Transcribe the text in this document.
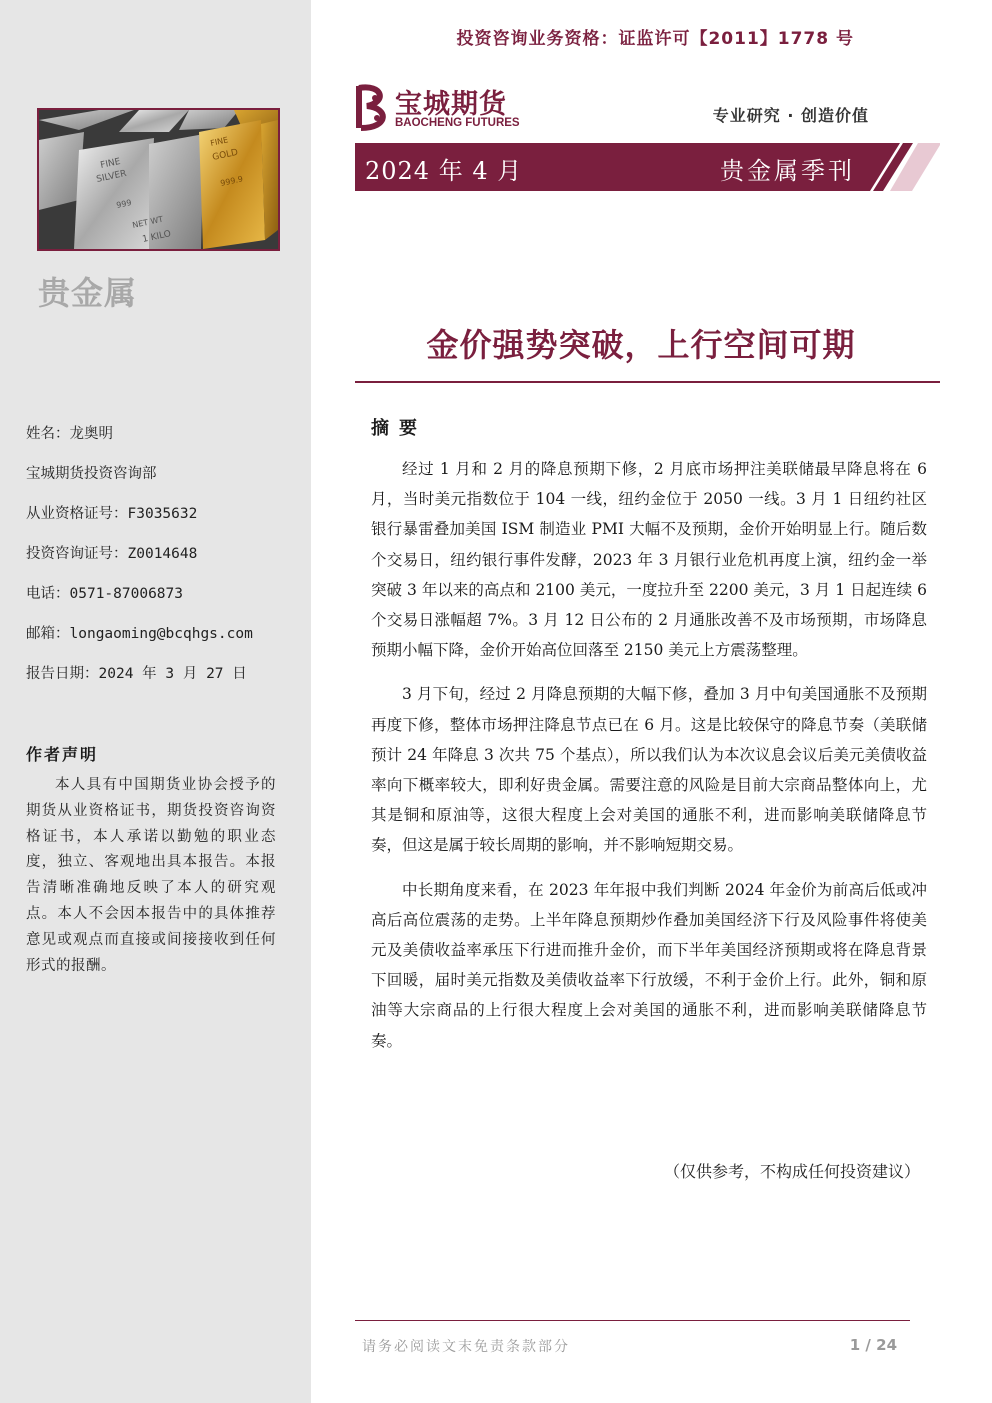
FINE
SILVER
999
NET WT
1 KILO
FINE
GOLD
999.9
贵金属
姓名：龙奥明
宝城期货投资咨询部
从业资格证号：F3035632
投资咨询证号：Z0014648
电话：0571-87006873
邮箱：longaoming@bcqhgs.com
报告日期：2024 年 3 月 27 日
作者声明

本人具有中国期货业协会授予的期货从业资格证书，期货投资咨询资格证书，本人承诺以勤勉的职业态度，独立、客观地出具本报告。本报告清晰准确地反映了本人的研究观点。本人不会因本报告中的具体推荐意见或观点而直接或间接接收到任何形式的报酬。

投资咨询业务资格：证监许可【2011】1778 号
宝城期货
BAOCHENG FUTURES	专业研究 · 创造价值
2024 年 4 月	贵金属季刊
金价强势突破，上行空间可期
摘要

经过 1 月和 2 月的降息预期下修，2 月底市场押注美联储最早降息将在 6 月，当时美元指数位于 104 一线，纽约金位于 2050 一线。3 月 1 日纽约社区银行暴雷叠加美国 ISM 制造业 PMI 大幅不及预期，金价开始明显上行。随后数个交易日，纽约银行事件发酵，2023 年 3 月银行业危机再度上演，纽约金一举突破 3 年以来的高点和 2100 美元，一度拉升至 2200 美元，3 月 1 日起连续 6 个交易日涨幅超 7%。3 月 12 日公布的 2 月通胀改善不及市场预期，市场降息预期小幅下降，金价开始高位回落至 2150 美元上方震荡整理。

3 月下旬，经过 2 月降息预期的大幅下修，叠加 3 月中旬美国通胀不及预期再度下修，整体市场押注降息节点已在 6 月。这是比较保守的降息节奏（美联储预计 24 年降息 3 次共 75 个基点），所以我们认为本次议息会议后美元美债收益率向下概率较大，即利好贵金属。需要注意的风险是目前大宗商品整体向上，尤其是铜和原油等，这很大程度上会对美国的通胀不利，进而影响美联储降息节奏，但这是属于较长周期的影响，并不影响短期交易。

中长期角度来看，在 2023 年年报中我们判断 2024 年金价为前高后低或冲高后高位震荡的走势。上半年降息预期炒作叠加美国经济下行及风险事件将使美元及美债收益率承压下行进而推升金价，而下半年美国经济预期或将在降息背景下回暖，届时美元指数及美债收益率下行放缓，不利于金价上行。此外，铜和原油等大宗商品的上行很大程度上会对美国的通胀不利，进而影响美联储降息节奏。

（仅供参考，不构成任何投资建议）
请务必阅读文末免责条款部分	1 / 24
